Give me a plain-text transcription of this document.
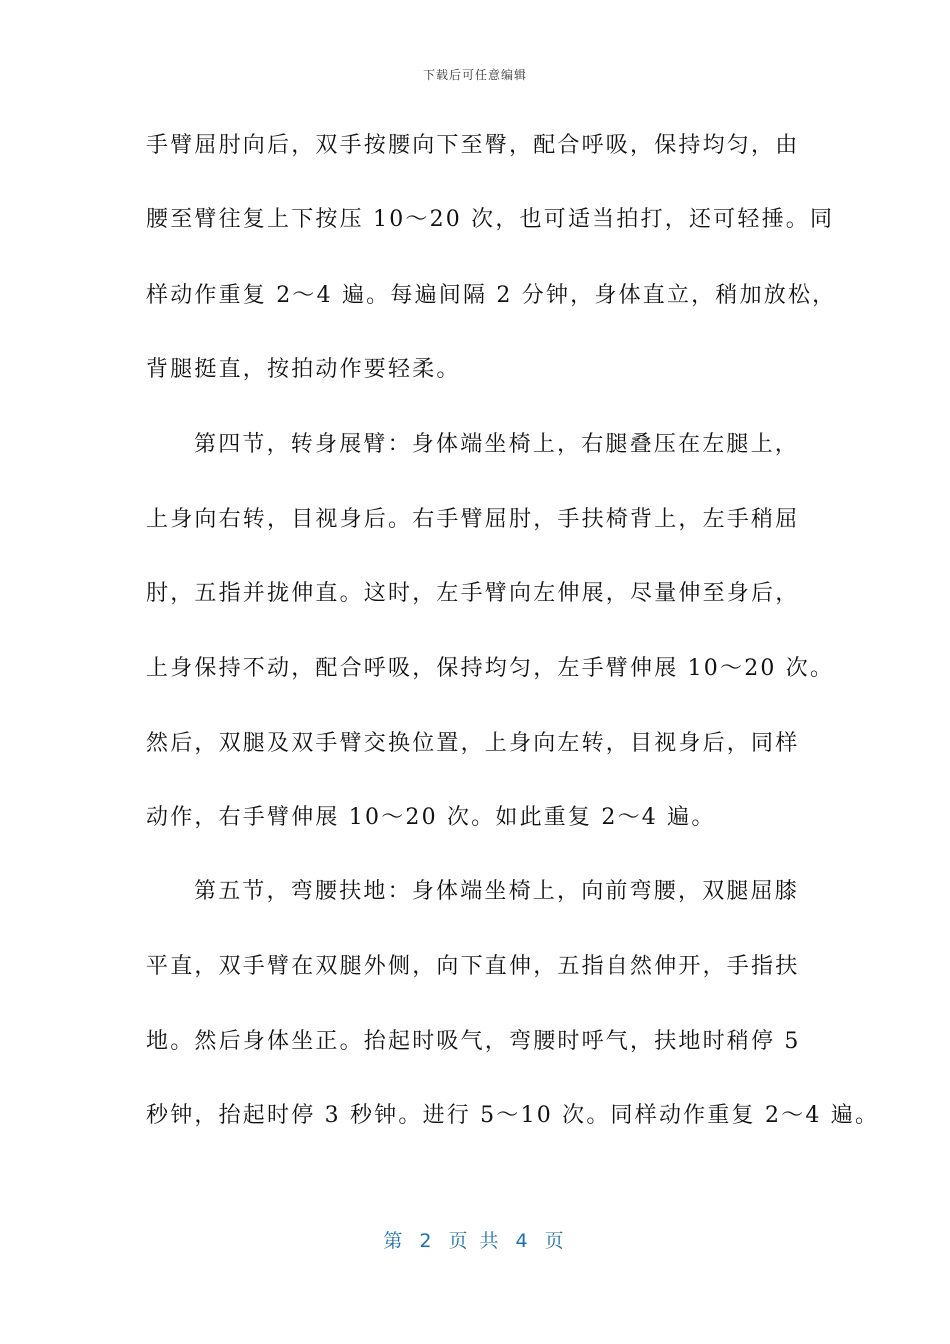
下载后可任意编辑
手臂屈肘向后，双手按腰向下至臀，配合呼吸，保持均匀，由
腰至臂往复上下按压 10～20 次，也可适当拍打，还可轻捶。同
样动作重复 2～4 遍。每遍间隔 2 分钟，身体直立，稍加放松，
背腿挺直，按拍动作要轻柔。
第四节，转身展臂：身体端坐椅上，右腿叠压在左腿上，
上身向右转，目视身后。右手臂屈肘，手扶椅背上，左手稍屈
肘，五指并拢伸直。这时，左手臂向左伸展，尽量伸至身后，
上身保持不动，配合呼吸，保持均匀，左手臂伸展 10～20 次。
然后，双腿及双手臂交换位置，上身向左转，目视身后，同样
动作，右手臂伸展 10～20 次。如此重复 2～4 遍。
第五节，弯腰扶地：身体端坐椅上，向前弯腰，双腿屈膝
平直，双手臂在双腿外侧，向下直伸，五指自然伸开，手指扶
地。然后身体坐正。抬起时吸气，弯腰时呼气，扶地时稍停 5
秒钟，抬起时停 3 秒钟。进行 5～10 次。同样动作重复 2～4 遍。
第 2 页 共 4 页
